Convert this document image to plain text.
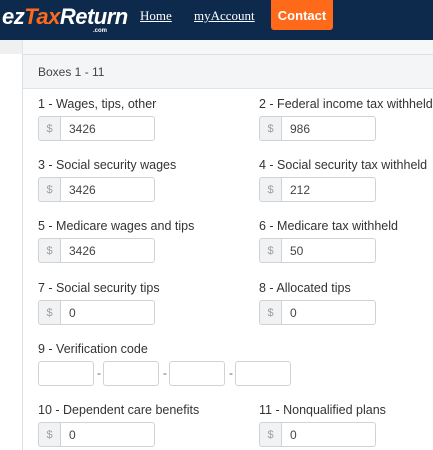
ezTaxReturn
.com
Home myAccount	Contact
Boxes 1 - 11
1 - Wages, tips, other
$	3426
2 - Federal income tax withheld
$	986
3 - Social security wages
$	3426
4 - Social security tax withheld
$	212
5 - Medicare wages and tips
$	3426
6 - Medicare tax withheld
$	50
7 - Social security tips
$	0
8 - Allocated tips
$	0
9 - Verification code
-	-	-
10 - Dependent care benefits
$	0
11 - Nonqualified plans
$	0
